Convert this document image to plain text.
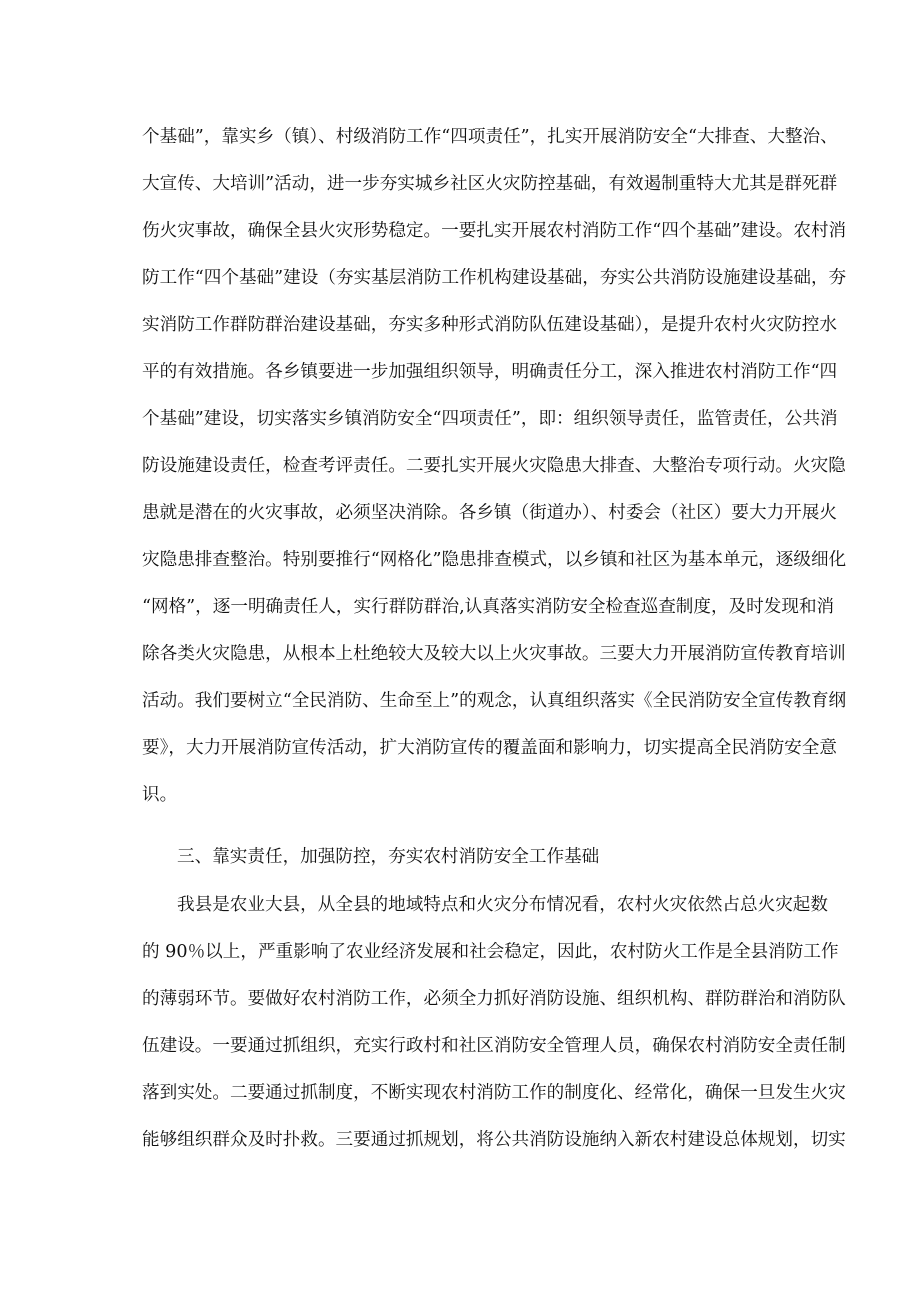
个基础”，靠实乡（镇）、村级消防工作“四项责任”，扎实开展消防安全“大排查、大整治、
大宣传、大培训”活动，进一步夯实城乡社区火灾防控基础，有效遏制重特大尤其是群死群
伤火灾事故，确保全县火灾形势稳定。一要扎实开展农村消防工作“四个基础”建设。农村消
防工作“四个基础”建设（夯实基层消防工作机构建设基础，夯实公共消防设施建设基础，夯
实消防工作群防群治建设基础，夯实多种形式消防队伍建设基础），是提升农村火灾防控水
平的有效措施。各乡镇要进一步加强组织领导，明确责任分工，深入推进农村消防工作“四
个基础”建设，切实落实乡镇消防安全“四项责任”，即：组织领导责任，监管责任，公共消
防设施建设责任，检查考评责任。二要扎实开展火灾隐患大排查、大整治专项行动。火灾隐
患就是潜在的火灾事故，必须坚决消除。各乡镇（街道办）、村委会（社区）要大力开展火
灾隐患排查整治。特别要推行“网格化”隐患排查模式，以乡镇和社区为基本单元，逐级细化
“网格”，逐一明确责任人，实行群防群治,认真落实消防安全检查巡查制度，及时发现和消
除各类火灾隐患，从根本上杜绝较大及较大以上火灾事故。三要大力开展消防宣传教育培训
活动。我们要树立“全民消防、生命至上”的观念，认真组织落实《全民消防安全宣传教育纲
要》，大力开展消防宣传活动，扩大消防宣传的覆盖面和影响力，切实提高全民消防安全意
识。
三、靠实责任，加强防控，夯实农村消防安全工作基础
我县是农业大县，从全县的地域特点和火灾分布情况看，农村火灾依然占总火灾起数
的 90％以上，严重影响了农业经济发展和社会稳定，因此，农村防火工作是全县消防工作
的薄弱环节。要做好农村消防工作，必须全力抓好消防设施、组织机构、群防群治和消防队
伍建设。一要通过抓组织，充实行政村和社区消防安全管理人员，确保农村消防安全责任制
落到实处。二要通过抓制度，不断实现农村消防工作的制度化、经常化，确保一旦发生火灾
能够组织群众及时扑救。三要通过抓规划，将公共消防设施纳入新农村建设总体规划，切实
